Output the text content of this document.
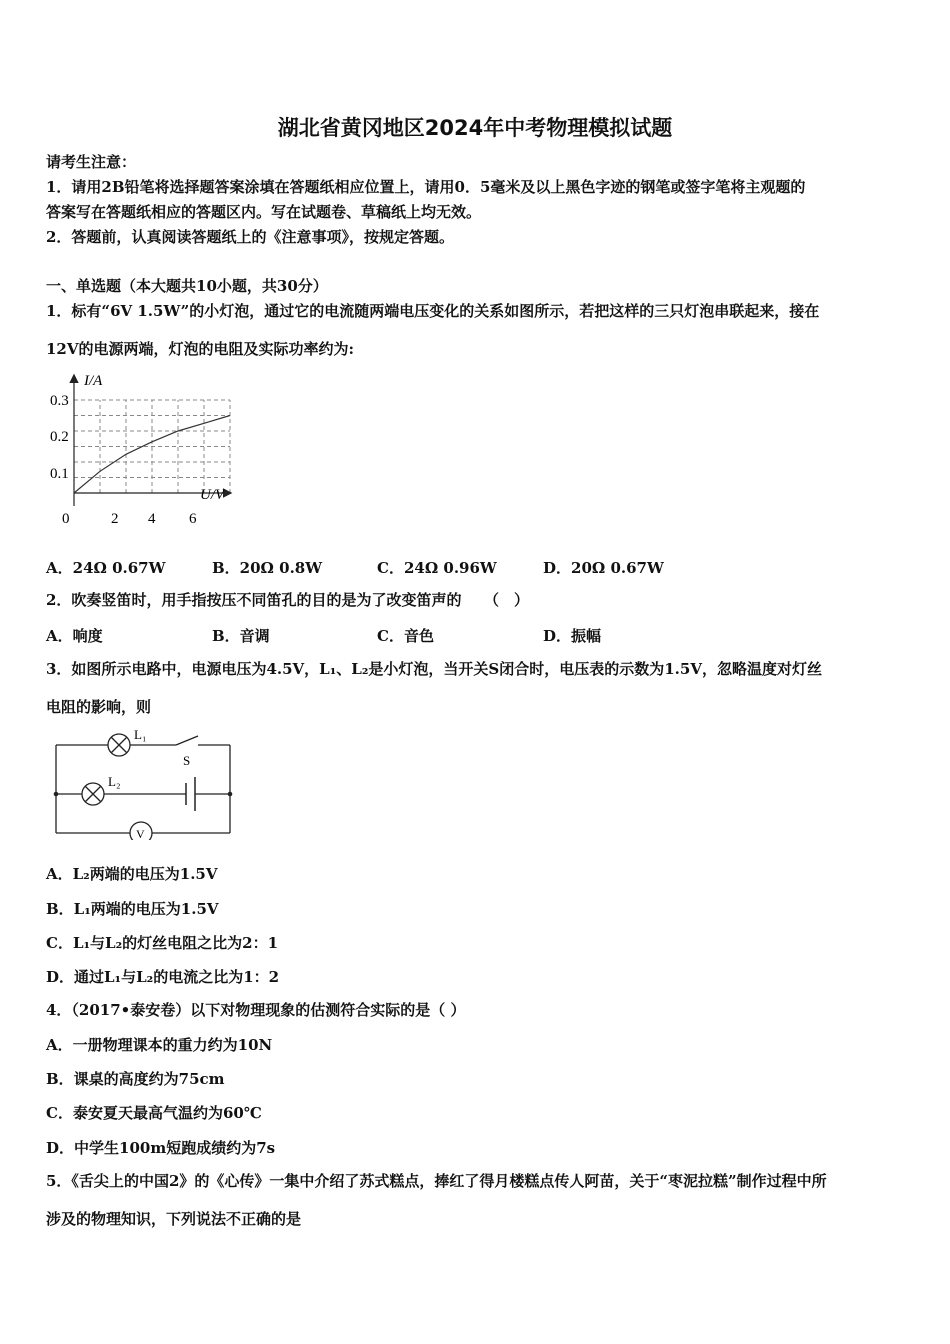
湖北省黄冈地区2024年中考物理模拟试题
请考生注意：
1．请用2B铅笔将选择题答案涂填在答题纸相应位置上，请用0．5毫米及以上黑色字迹的钢笔或签字笔将主观题的
答案写在答题纸相应的答题区内。写在试题卷、草稿纸上均无效。
2．答题前，认真阅读答题纸上的《注意事项》，按规定答题。
一、单选题（本大题共10小题，共30分）
1．标有“6V 1.5W”的小灯泡，通过它的电流随两端电压变化的关系如图所示，若把这样的三只灯泡串联起来，接在
12V的电源两端，灯泡的电阻及实际功率约为:
I/A
U/V
0.1
0.2
0.3
0	2 4 6
A．24Ω 0.67W	B．20Ω 0.8W	C．24Ω 0.96W	D．20Ω 0.67W
2．吹奏竖笛时，用手指按压不同笛孔的目的是为了改变笛声的　　（　）
A．响度	B．音调	C．音色	D．振幅
3．如图所示电路中，电源电压为4.5V，L₁、L₂是小灯泡，当开关S闭合时，电压表的示数为1.5V，忽略温度对灯丝
电阻的影响，则
L₁
S
L₂
V
A．L₂两端的电压为1.5V
B．L₁两端的电压为1.5V
C．L₁与L₂的灯丝电阻之比为2：1
D．通过L₁与L₂的电流之比为1：2
4．（2017•泰安卷）以下对物理现象的估测符合实际的是（ ）
A．一册物理课本的重力约为10N
B．课桌的高度约为75cm
C．泰安夏天最高气温约为60℃
D．中学生100m短跑成绩约为7s
5．《舌尖上的中国2》的《心传》一集中介绍了苏式糕点，捧红了得月楼糕点传人阿苗，关于“枣泥拉糕”制作过程中所
涉及的物理知识，下列说法不正确的是
